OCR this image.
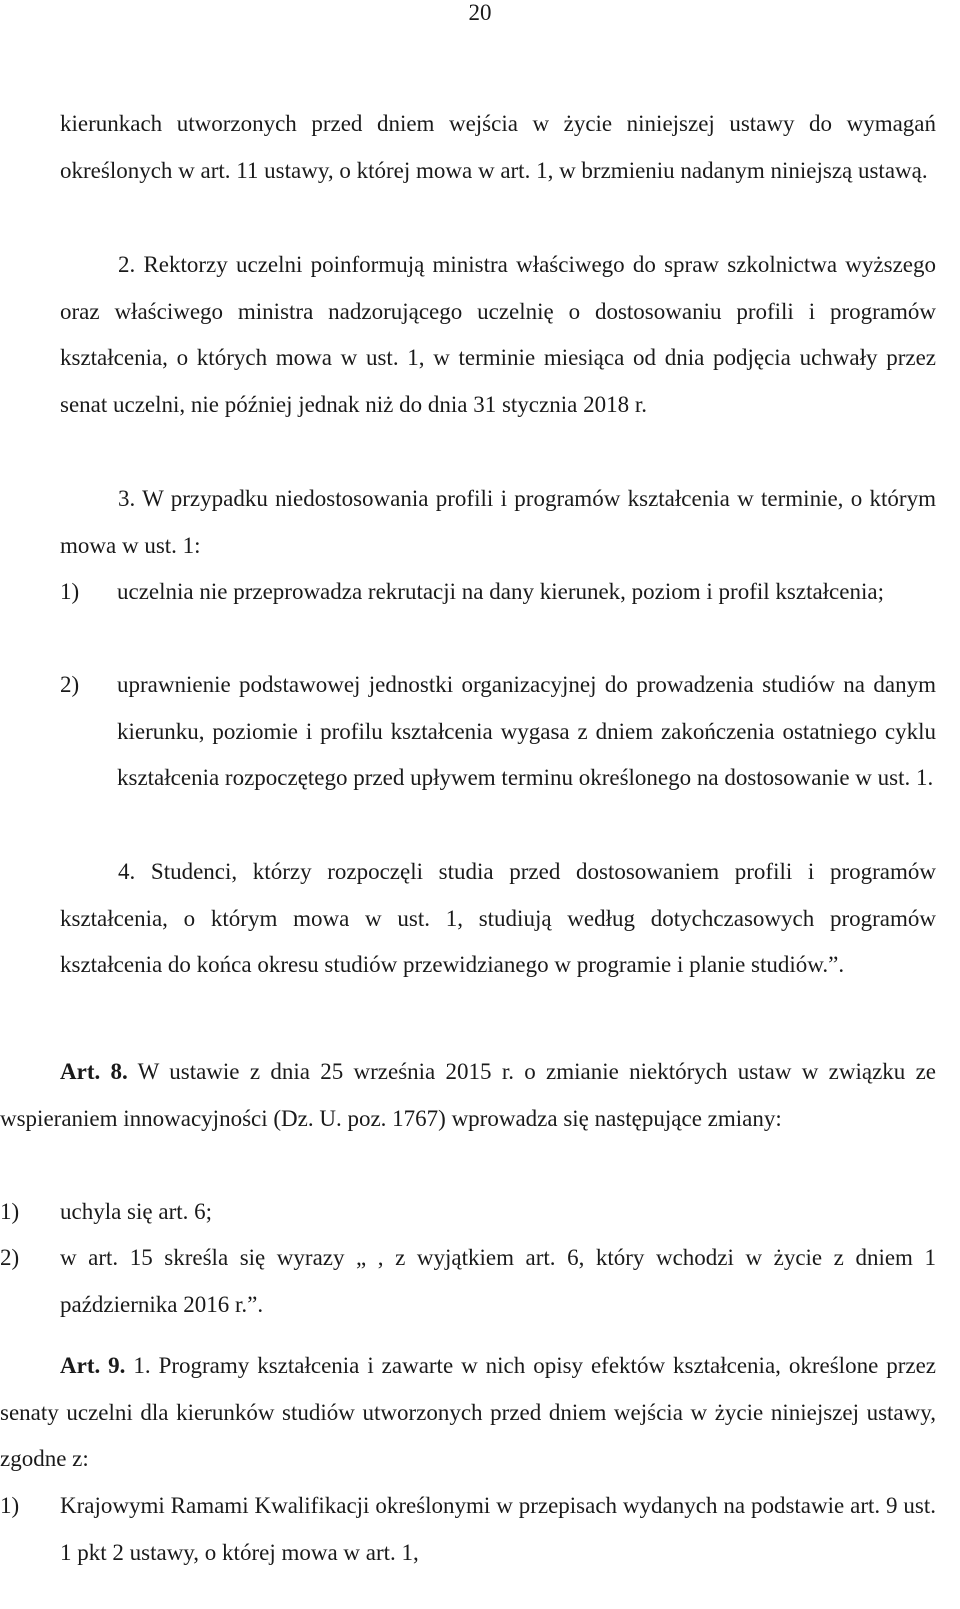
20

kierunkach utworzonych przed dniem wejścia w życie niniejszej ustawy do wymagań określonych w art. 11 ustawy, o której mowa w art. 1, w brzmieniu nadanym niniejszą ustawą.

2. Rektorzy uczelni poinformują ministra właściwego do spraw szkolnictwa wyższego oraz właściwego ministra nadzorującego uczelnię o dostosowaniu profili i programów kształcenia, o których mowa w ust. 1, w terminie miesiąca od dnia podjęcia uchwały przez senat uczelni, nie później jednak niż do dnia 31 stycznia 2018 r.

3. W przypadku niedostosowania profili i programów kształcenia w terminie, o którym mowa w ust. 1:

1)	uczelnia nie przeprowadza rekrutacji na dany kierunek, poziom i profil kształcenia;
2)	uprawnienie podstawowej jednostki organizacyjnej do prowadzenia studiów na danym kierunku, poziomie i profilu kształcenia wygasa z dniem zakończenia ostatniego cyklu kształcenia rozpoczętego przed upływem terminu określonego na dostosowanie w ust. 1.

4. Studenci, którzy rozpoczęli studia przed dostosowaniem profili i programów kształcenia, o którym mowa w ust. 1, studiują według dotychczasowych programów kształcenia do końca okresu studiów przewidzianego w programie i planie studiów.”.

Art. 8. W ustawie z dnia 25 września 2015 r. o zmianie niektórych ustaw w związku ze wspieraniem innowacyjności (Dz. U. poz. 1767) wprowadza się następujące zmiany:

1)	uchyla się art. 6;
2)	w art. 15 skreśla się wyrazy „ , z wyjątkiem art. 6, który wchodzi w życie z dniem 1 października 2016 r.”.

Art. 9. 1. Programy kształcenia i zawarte w nich opisy efektów kształcenia, określone przez senaty uczelni dla kierunków studiów utworzonych przed dniem wejścia w życie niniejszej ustawy, zgodne z:

1)	Krajowymi Ramami Kwalifikacji określonymi w przepisach wydanych na podstawie art. 9 ust. 1 pkt 2 ustawy, o której mowa w art. 1,
